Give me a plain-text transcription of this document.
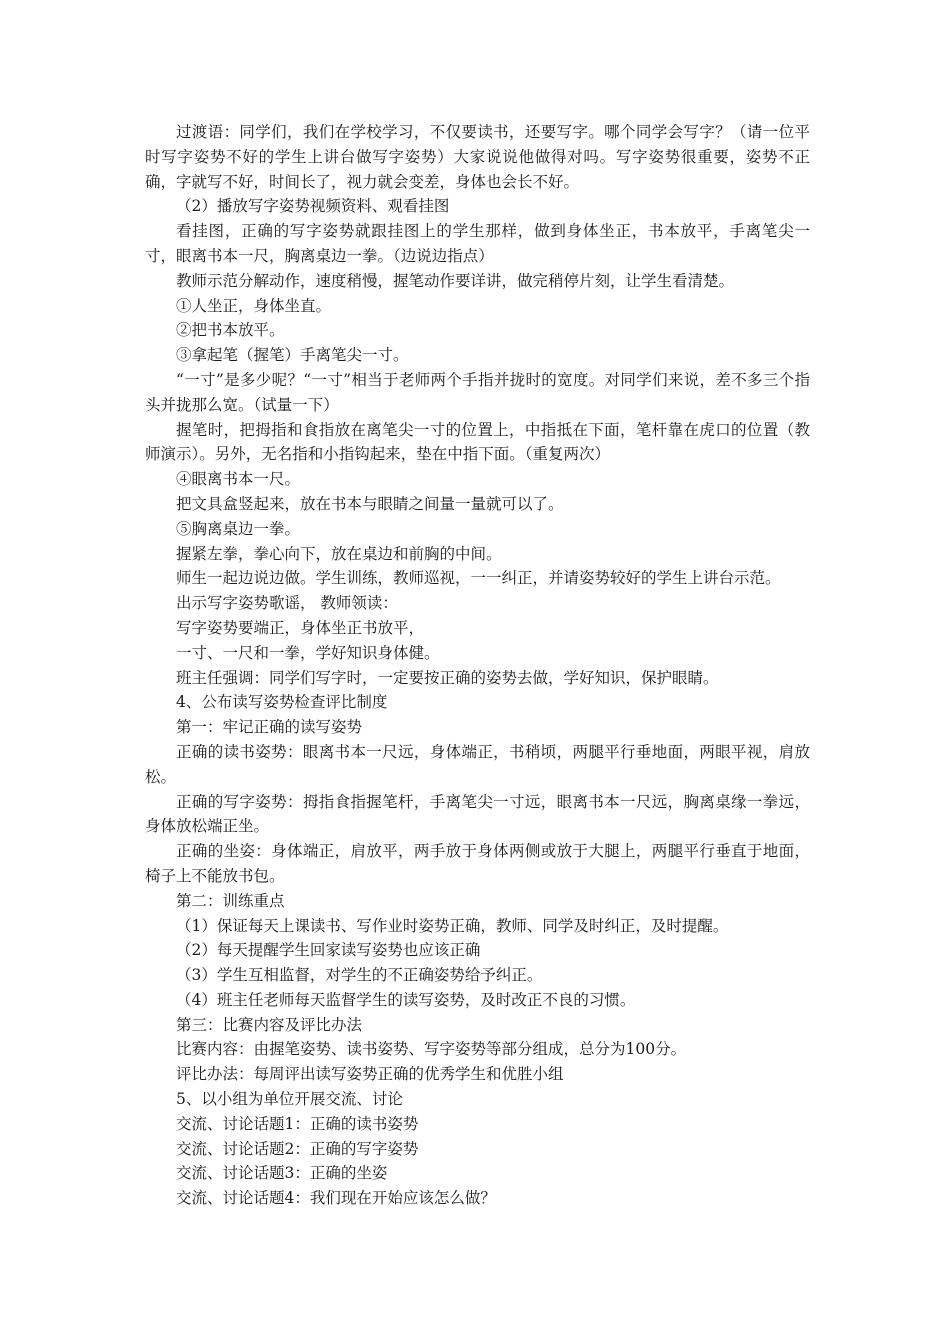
过渡语：同学们，我们在学校学习，不仅要读书，还要写字。哪个同学会写字？（请一位平时写字姿势不好的学生上讲台做写字姿势）大家说说他做得对吗。写字姿势很重要，姿势不正确，字就写不好，时间长了，视力就会变差，身体也会长不好。

（2）播放写字姿势视频资料、观看挂图

看挂图，正确的写字姿势就跟挂图上的学生那样，做到身体坐正，书本放平，手离笔尖一寸，眼离书本一尺，胸离桌边一拳。（边说边指点）

教师示范分解动作，速度稍慢，握笔动作要详讲，做完稍停片刻，让学生看清楚。

①人坐正，身体坐直。

②把书本放平。

③拿起笔（握笔）手离笔尖一寸。

“一寸”是多少呢？“一寸”相当于老师两个手指并拢时的宽度。对同学们来说，差不多三个指头并拢那么宽。（试量一下）

握笔时，把拇指和食指放在离笔尖一寸的位置上，中指抵在下面，笔杆靠在虎口的位置（教师演示）。另外，无名指和小指钩起来，垫在中指下面。（重复两次）

④眼离书本一尺。

把文具盒竖起来，放在书本与眼睛之间量一量就可以了。

⑤胸离桌边一拳。

握紧左拳，拳心向下，放在桌边和前胸的中间。

师生一起边说边做。学生训练，教师巡视，一一纠正，并请姿势较好的学生上讲台示范。

出示写字姿势歌谣， 教师领读：

写字姿势要端正，身体坐正书放平，

一寸、一尺和一拳，学好知识身体健。

班主任强调：同学们写字时，一定要按正确的姿势去做，学好知识，保护眼睛。

4、公布读写姿势检查评比制度

第一：牢记正确的读写姿势

正确的读书姿势：眼离书本一尺远，身体端正，书稍顷，两腿平行垂地面，两眼平视，肩放松。

正确的写字姿势：拇指食指握笔杆，手离笔尖一寸远，眼离书本一尺远，胸离桌缘一拳远，身体放松端正坐。

正确的坐姿：身体端正，肩放平，两手放于身体两侧或放于大腿上，两腿平行垂直于地面，椅子上不能放书包。

第二：训练重点

（1）保证每天上课读书、写作业时姿势正确，教师、同学及时纠正，及时提醒。

（2）每天提醒学生回家读写姿势也应该正确

（3）学生互相监督，对学生的不正确姿势给予纠正。

（4）班主任老师每天监督学生的读写姿势，及时改正不良的习惯。

第三：比赛内容及评比办法

比赛内容：由握笔姿势、读书姿势、写字姿势等部分组成，总分为100分。

评比办法：每周评出读写姿势正确的优秀学生和优胜小组

5、以小组为单位开展交流、讨论

交流、讨论话题1：正确的读书姿势

交流、讨论话题2：正确的写字姿势

交流、讨论话题3：正确的坐姿

交流、讨论话题4：我们现在开始应该怎么做？
